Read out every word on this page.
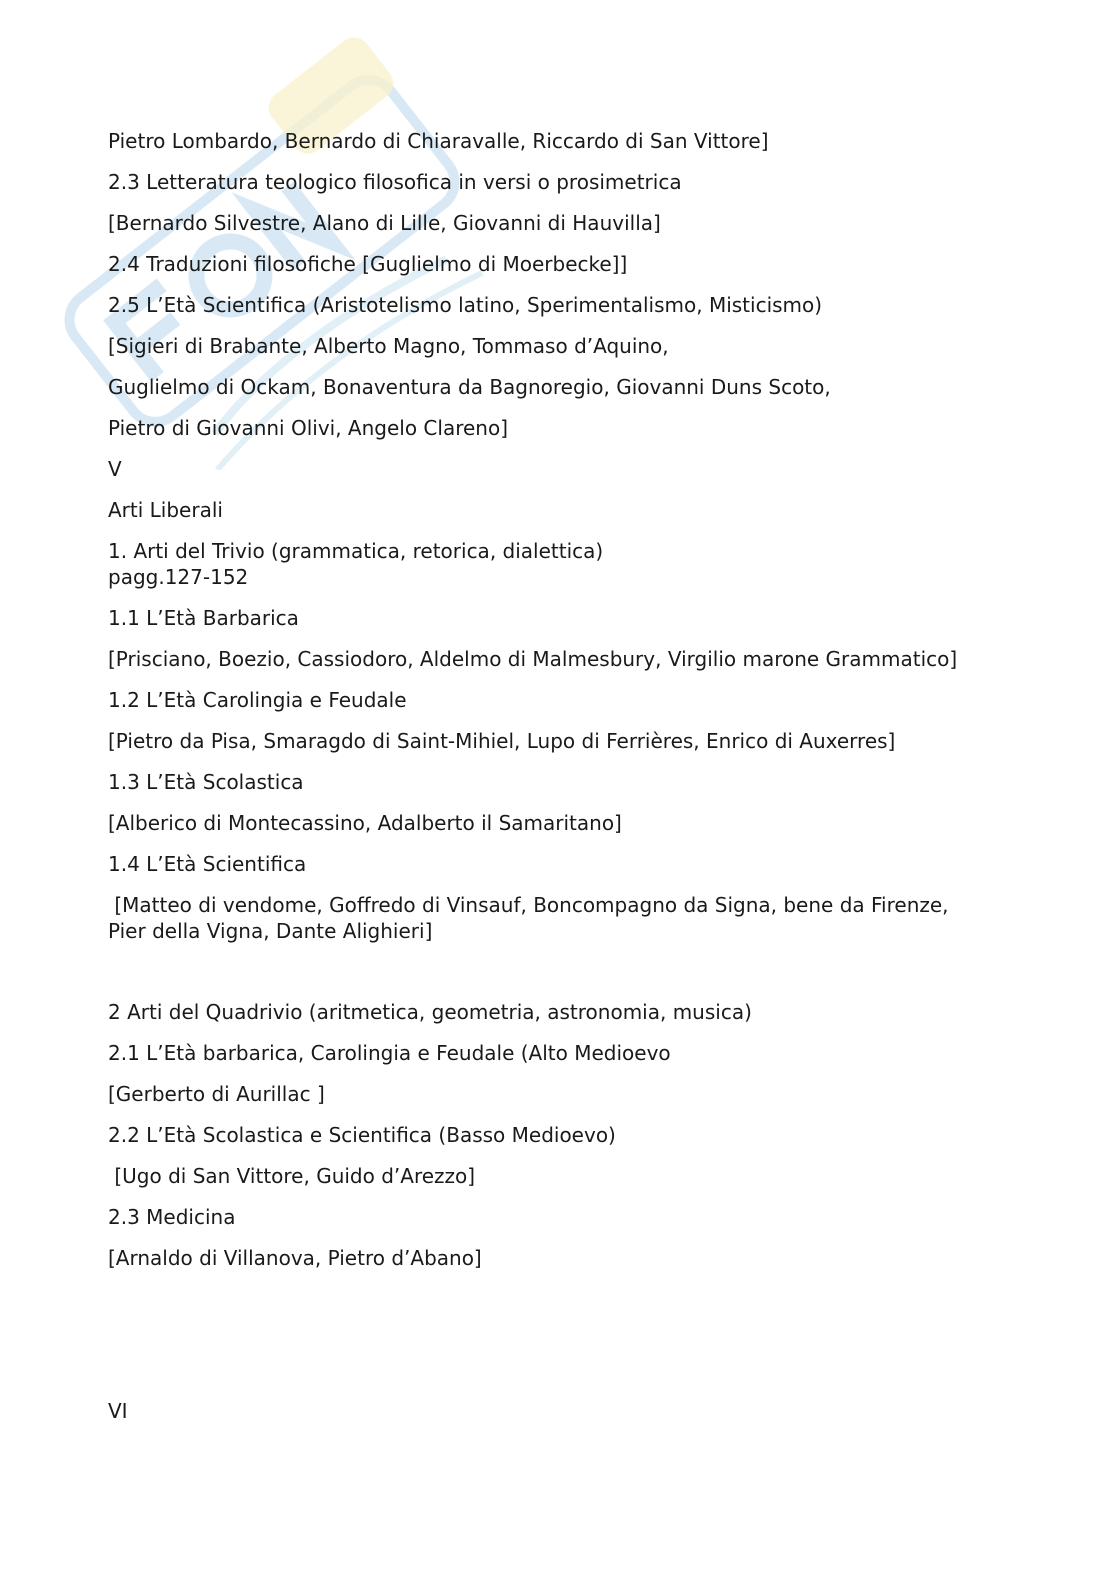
Pietro Lombardo, Bernardo di Chiaravalle, Riccardo di San Vittore]
2.3 Letteratura teologico filosofica in versi o prosimetrica
[Bernardo Silvestre, Alano di Lille, Giovanni di Hauvilla]
2.4 Traduzioni filosofiche [Guglielmo di Moerbecke]]
2.5 L’Età Scientifica (Aristotelismo latino, Sperimentalismo, Misticismo)
[Sigieri di Brabante, Alberto Magno, Tommaso d’Aquino,
Guglielmo di Ockam, Bonaventura da Bagnoregio, Giovanni Duns Scoto,
Pietro di Giovanni Olivi, Angelo Clareno]
V
Arti Liberali
1. Arti del Trivio (grammatica, retorica, dialettica)
pagg.127-152
1.1 L’Età Barbarica
[Prisciano, Boezio, Cassiodoro, Aldelmo di Malmesbury, Virgilio marone Grammatico]
1.2 L’Età Carolingia e Feudale
[Pietro da Pisa, Smaragdo di Saint-Mihiel, Lupo di Ferrières, Enrico di Auxerres]
1.3 L’Età Scolastica
[Alberico di Montecassino, Adalberto il Samaritano]
1.4 L’Età Scientifica
[Matteo di vendome, Goffredo di Vinsauf, Boncompagno da Signa, bene da Firenze,
Pier della Vigna, Dante Alighieri]
2 Arti del Quadrivio (aritmetica, geometria, astronomia, musica)
2.1 L’Età barbarica, Carolingia e Feudale (Alto Medioevo
[Gerberto di Aurillac ]
2.2 L’Età Scolastica e Scientifica (Basso Medioevo)
[Ugo di San Vittore, Guido d’Arezzo]
2.3 Medicina
[Arnaldo di Villanova, Pietro d’Abano]
VI
